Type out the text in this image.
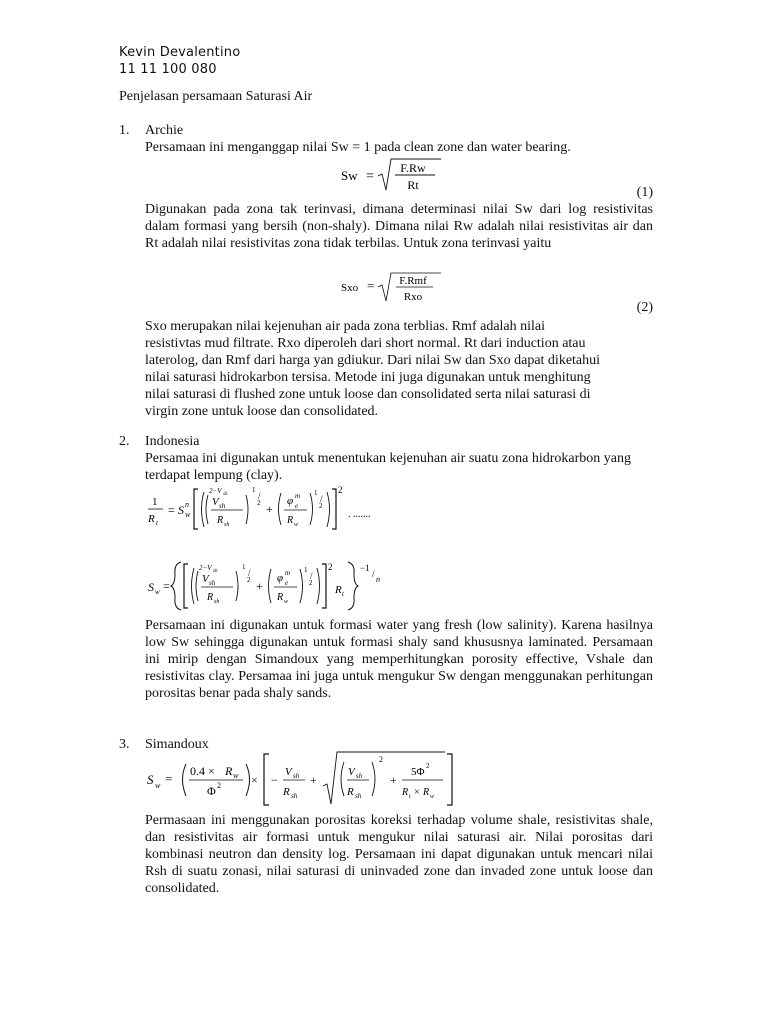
Kevin Devalentino
11 11 100 080
Penjelasan persamaan Saturasi Air
1.	Archie
Persamaan ini menganggap nilai Sw = 1 pada clean zone dan water bearing.
Sw =
F.Rw
Rt	(1)
Digunakan pada zona tak terinvasi, dimana determinasi nilai Sw dari log resistivitas dalam formasi yang bersih (non-shaly). Dimana nilai Rw adalah nilai resistivitas air dan Rt adalah nilai resistivitas zona tidak terbilas. Untuk zona terinvasi yaitu
Sxo = F.Rmf
Rxo
(2)
Sxo merupakan nilai kejenuhan air pada zona terblias. Rmf adalah nilai
resistivtas mud filtrate. Rxo diperoleh dari short normal. Rt dari induction atau
laterolog, dan Rmf dari harga yan gdiukur. Dari nilai Sw dan Sxo dapat diketahui
nilai saturasi hidrokarbon tersisa. Metode ini juga digunakan untuk menghitung
nilai saturasi di flushed zone untuk loose dan consolidated serta nilai saturasi di
virgin zone untuk loose dan consolidated.
2.	Indonesia
Persamaa ini digunakan untuk menentukan kejenuhan air suatu zona hidrokarbon yang terdapat lempung (clay).
1
R t
= S n
w
2−V sh
V sh
R sh
1
/
2 +
φ m
e
R w
1
/
2
2
. .......
S w =
2−V sh
V sh
R sh
1
/
2 +
φ m
e
R w
1
/
2
2
R t
−1
/
n
Persamaan ini digunakan untuk formasi water yang fresh (low salinity). Karena hasilnya low Sw sehingga digunakan untuk formasi shaly sand khususnya laminated. Persamaan ini mirip dengan Simandoux yang memperhitungkan porosity effective, Vshale dan resistivitas clay. Persamaa ini juga untuk mengukur Sw dengan menggunakan perhitungan porositas benar pada shaly sands.
3.	Simandoux
S w = 0.4 × R w
Φ 2	× −
V sh
R sh
+
V sh
R sh
2
+
5Φ 2
R t × R w
Permasaan ini menggunakan porositas koreksi terhadap volume shale, resistivitas shale, dan resistivitas air formasi untuk mengukur nilai saturasi air. Nilai porositas dari kombinasi neutron dan density log. Persamaan ini dapat digunakan untuk mencari nilai Rsh di suatu zonasi, nilai saturasi di uninvaded zone dan invaded zone untuk loose dan consolidated.
